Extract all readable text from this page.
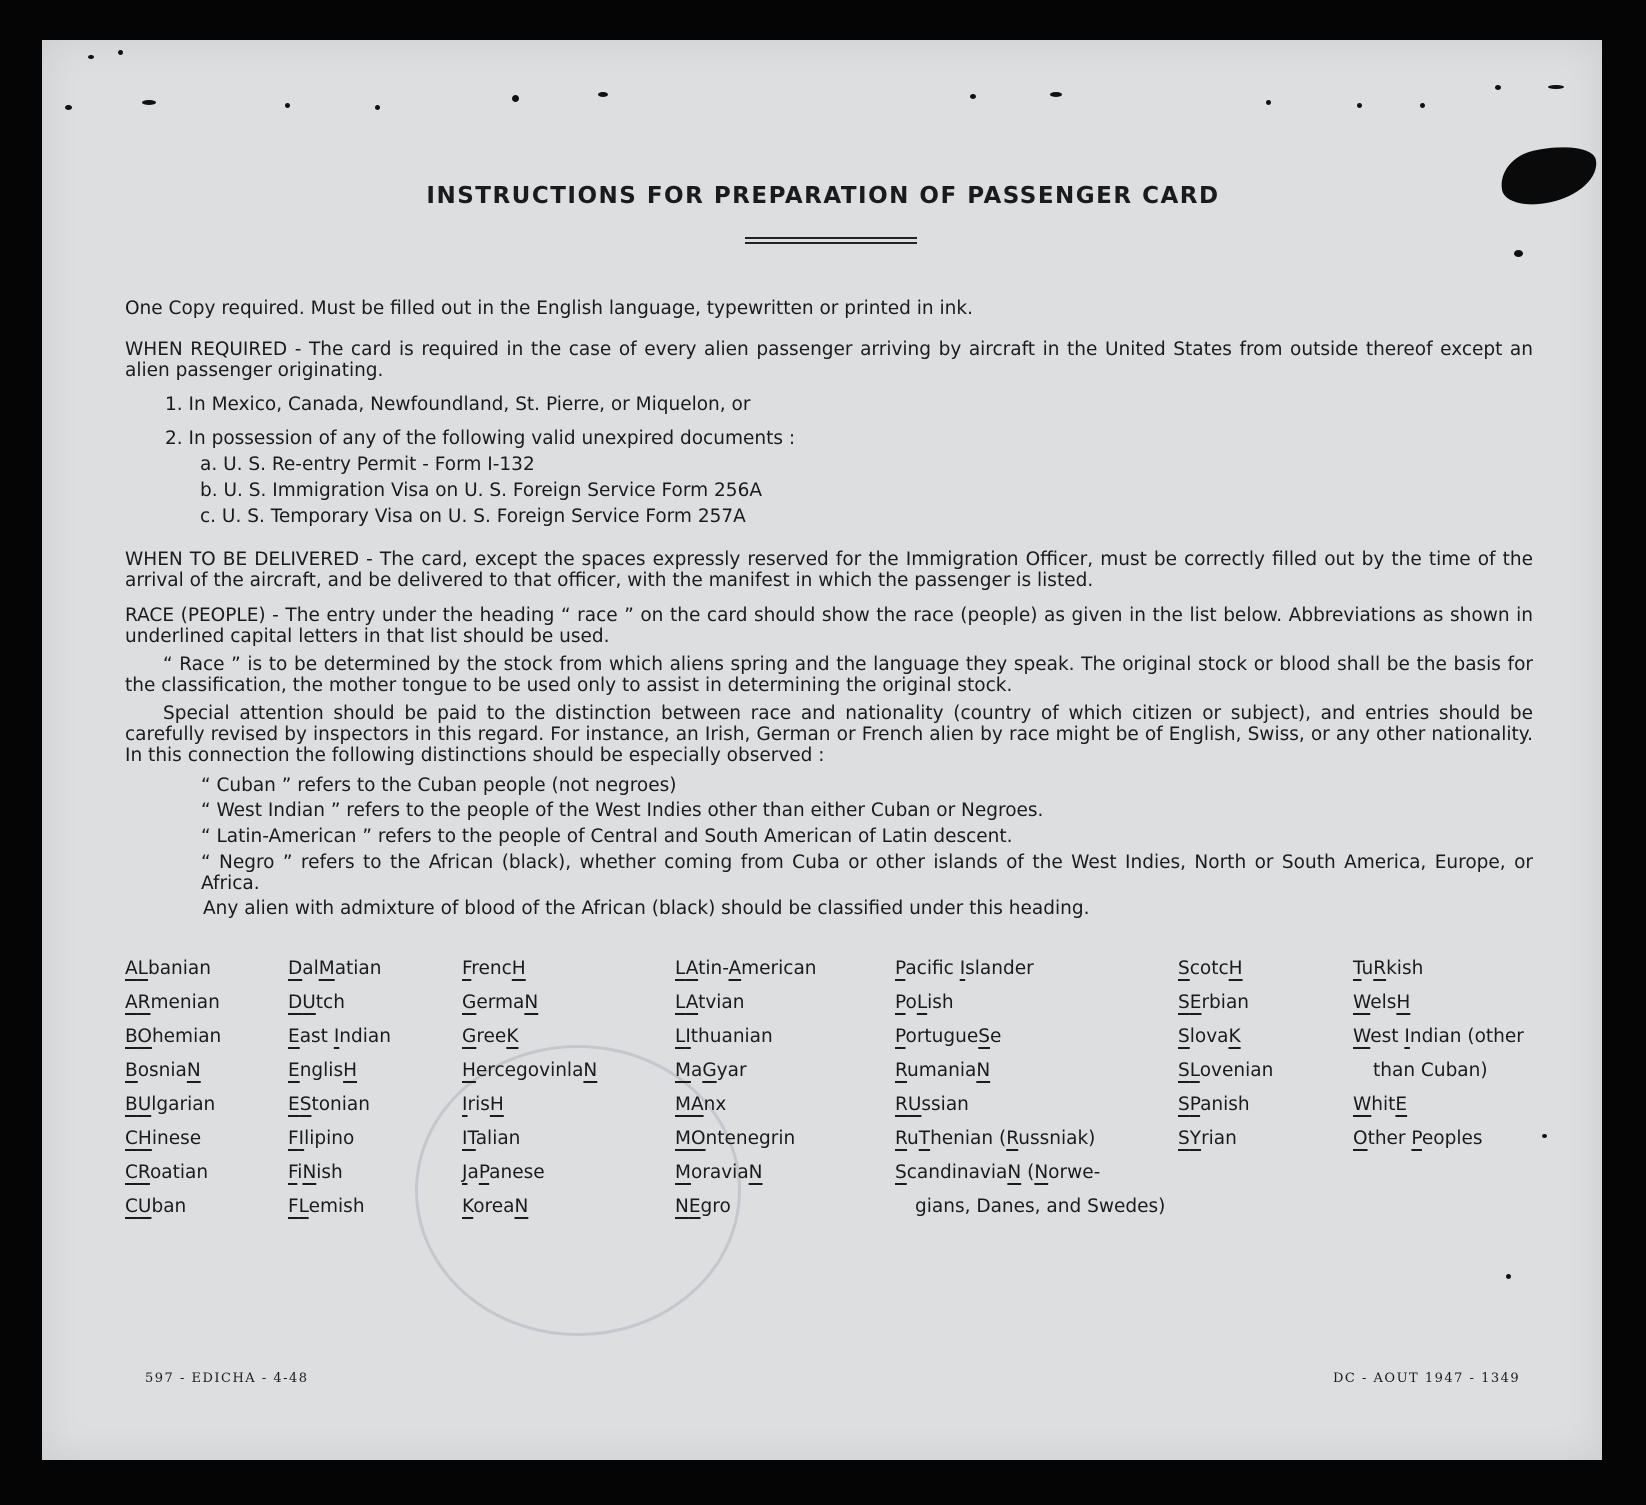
INSTRUCTIONS FOR PREPARATION OF PASSENGER CARD
One Copy required. Must be filled out in the English language, typewritten or printed in ink.
WHEN REQUIRED - The card is required in the case of every alien passenger arriving by aircraft in the United States from outside thereof except an alien passenger originating.
1. In Mexico, Canada, Newfoundland, St. Pierre, or Miquelon, or
2. In possession of any of the following valid unexpired documents :
a. U. S. Re-entry Permit - Form I-132
b. U. S. Immigration Visa on U. S. Foreign Service Form 256A
c. U. S. Temporary Visa on U. S. Foreign Service Form 257A
WHEN TO BE DELIVERED - The card, except the spaces expressly reserved for the Immigration Officer, must be correctly filled out by the time of the arrival of the aircraft, and be delivered to that officer, with the manifest in which the passenger is listed.
RACE (PEOPLE) - The entry under the heading “ race ” on the card should show the race (people) as given in the list below. Abbreviations as shown in underlined capital letters in that list should be used.
“ Race ” is to be determined by the stock from which aliens spring and the language they speak. The original stock or blood shall be the basis for the classification, the mother tongue to be used only to assist in determining the original stock.
Special attention should be paid to the distinction between race and nationality (country of which citizen or subject), and entries should be carefully revised by inspectors in this regard. For instance, an Irish, German or French alien by race might be of English, Swiss, or any other nationality. In this connection the following distinctions should be especially observed :
“ Cuban ” refers to the Cuban people (not negroes)
“ West Indian ” refers to the people of the West Indies other than either Cuban or Negroes.
“ Latin-American ” refers to the people of Central and South American of Latin descent.
“ Negro ” refers to the African (black), whether coming from Cuba or other islands of the West Indies, North or South America, Europe, or Africa.
Any alien with admixture of blood of the African (black) should be classified under this heading.
ALbanian
ARmenian
BOhemian
BosniaN
BUlgarian
CHinese
CRoatian
CUban
DalMatian
DUtch
East Indian
EnglisH
EStonian
FIlipino
FiNish
FLemish
FrencH
GermaN
GreeK
HercegovinlaN
IrisH
ITalian
JaPanese
KoreaN
LAtin-American
LAtvian
LIthuanian
MaGyar
MAnx
MOntenegrin
MoraviaN
NEgro
Pacific Islander
PoLish
PortugueSe
RumaniaN
RUssian
RuThenian (Russniak)
ScandinaviaN (Norwe-
gians, Danes, and Swedes)
ScotcH
SErbian
SlovaK
SLovenian
SPanish
SYrian
TuRkish
WelsH
West Indian (other
than Cuban)
WhitE
Other Peoples
597 - EDICHA - 4-48	DC - AOUT 1947 - 1349
